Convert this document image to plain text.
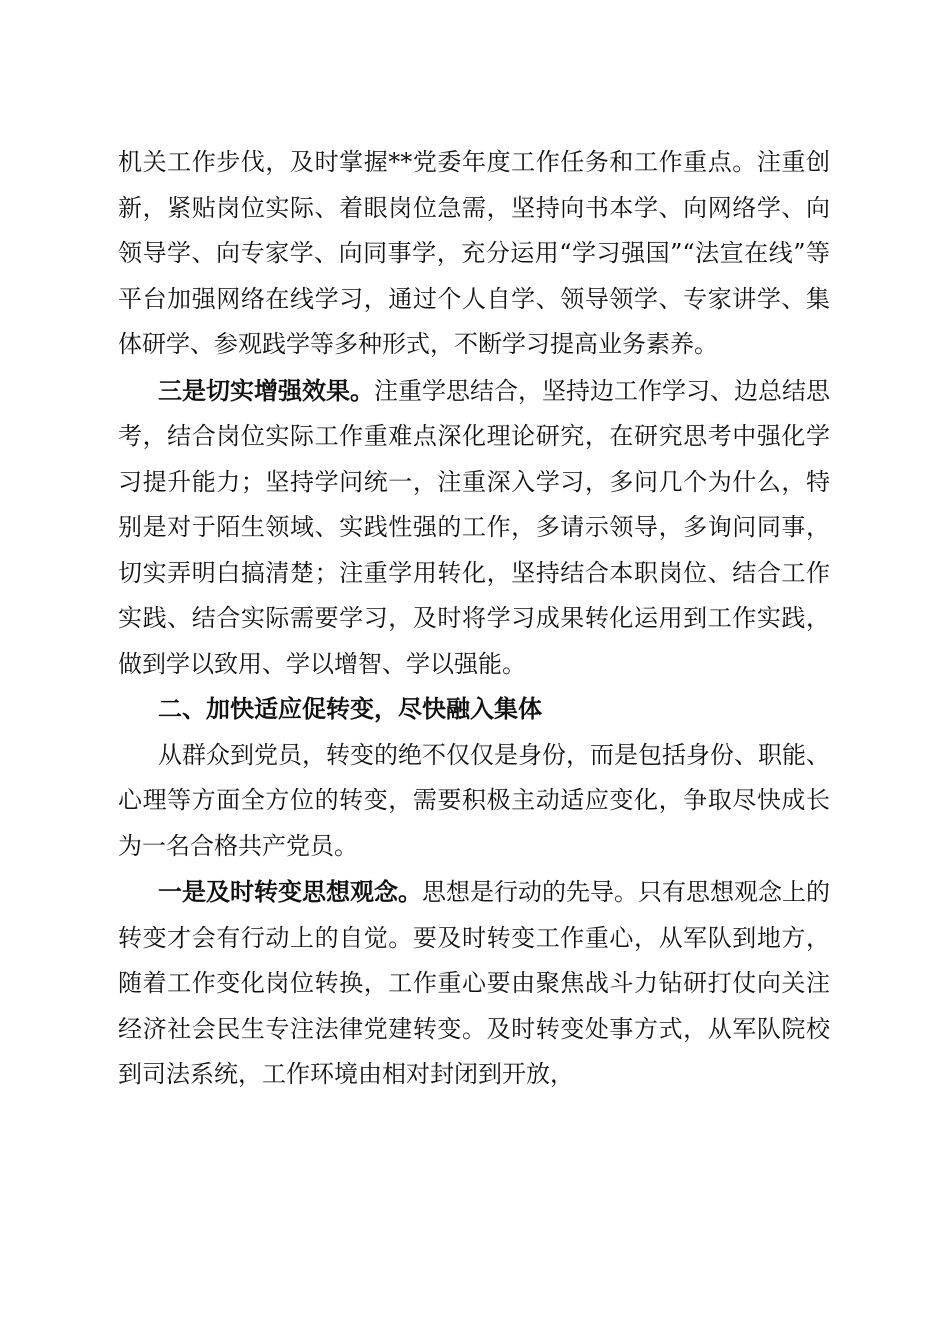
机关工作步伐，及时掌握**党委年度工作任务和工作重点。注重创新，紧贴岗位实际、着眼岗位急需，坚持向书本学、向网络学、向领导学、向专家学、向同事学，充分运用“学习强国”“法宣在线”等平台加强网络在线学习，通过个人自学、领导领学、专家讲学、集体研学、参观践学等多种形式，不断学习提高业务素养。

三是切实增强效果。注重学思结合，坚持边工作学习、边总结思考，结合岗位实际工作重难点深化理论研究，在研究思考中强化学习提升能力；坚持学问统一，注重深入学习，多问几个为什么，特别是对于陌生领域、实践性强的工作，多请示领导，多询问同事，切实弄明白搞清楚；注重学用转化，坚持结合本职岗位、结合工作实践、结合实际需要学习，及时将学习成果转化运用到工作实践，做到学以致用、学以增智、学以强能。

二、加快适应促转变，尽快融入集体

从群众到党员，转变的绝不仅仅是身份，而是包括身份、职能、心理等方面全方位的转变，需要积极主动适应变化，争取尽快成长为一名合格共产党员。

一是及时转变思想观念。思想是行动的先导。只有思想观念上的转变才会有行动上的自觉。要及时转变工作重心，从军队到地方，随着工作变化岗位转换，工作重心要由聚焦战斗力钻研打仗向关注经济社会民生专注法律党建转变。及时转变处事方式，从军队院校到司法系统，工作环境由相对封闭到开放，
